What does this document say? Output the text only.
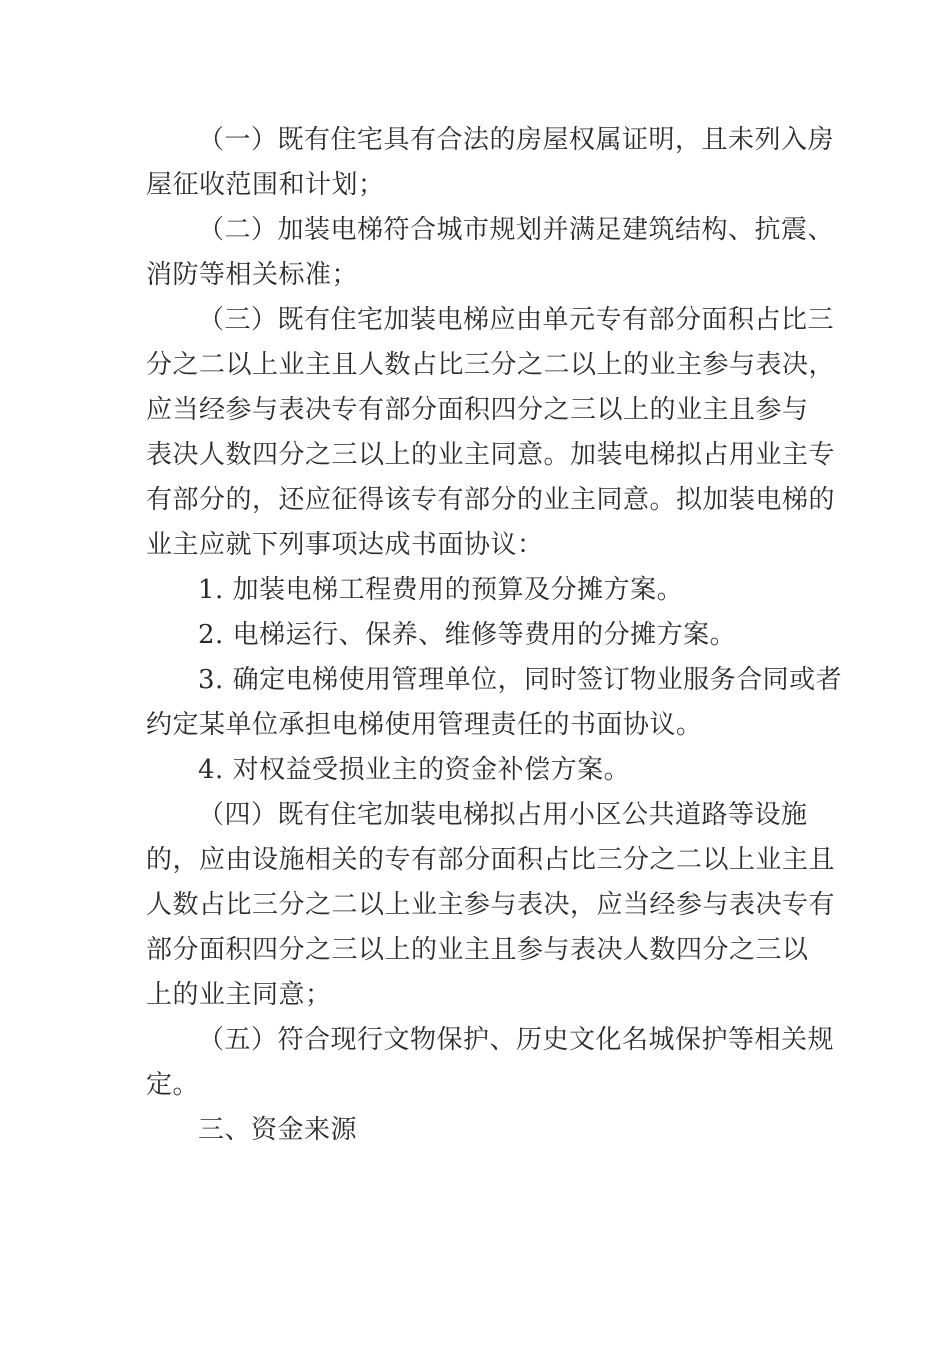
（一）既有住宅具有合法的房屋权属证明，且未列入房
屋征收范围和计划；
（二）加装电梯符合城市规划并满足建筑结构、抗震、
消防等相关标准；
（三）既有住宅加装电梯应由单元专有部分面积占比三
分之二以上业主且人数占比三分之二以上的业主参与表决，
应当经参与表决专有部分面积四分之三以上的业主且参与
表决人数四分之三以上的业主同意。加装电梯拟占用业主专
有部分的，还应征得该专有部分的业主同意。拟加装电梯的
业主应就下列事项达成书面协议：
1. 加装电梯工程费用的预算及分摊方案。
2. 电梯运行、保养、维修等费用的分摊方案。
3. 确定电梯使用管理单位，同时签订物业服务合同或者
约定某单位承担电梯使用管理责任的书面协议。
4. 对权益受损业主的资金补偿方案。
（四）既有住宅加装电梯拟占用小区公共道路等设施
的，应由设施相关的专有部分面积占比三分之二以上业主且
人数占比三分之二以上业主参与表决，应当经参与表决专有
部分面积四分之三以上的业主且参与表决人数四分之三以
上的业主同意；
（五）符合现行文物保护、历史文化名城保护等相关规
定。
三、资金来源
